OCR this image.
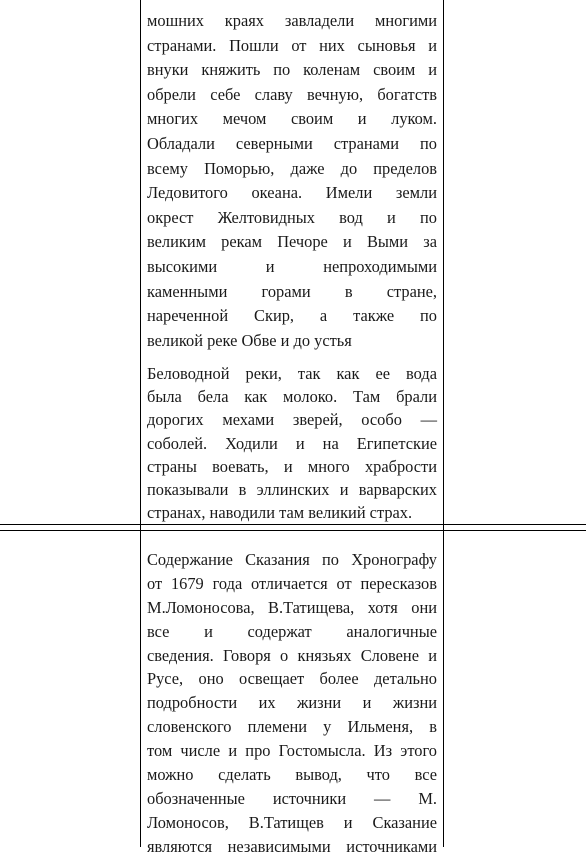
мошних краях завладели многими
странами. Пошли от них сыновья и
внуки княжить по коленам своим и
обрели себе славу вечную, богатств
многих мечом своим и луком.
Обладали северными странами по
всему Поморью, даже до пределов
Ледовитого океана. Имели земли
окрест Желтовидных вод и по
великим рекам Печоре и Выми за
высокими и непроходимыми
каменными горами в стране,
нареченной Скир, а также по
великой реке Обве и до устья
Беловодной реки, так как ее вода
была бела как молоко. Там брали
дорогих мехами зверей, особо —
соболей. Ходили и на Египетские
страны воевать, и много храбрости
показывали в эллинских и варварских
странах, наводили там великий страх.
Содержание Сказания по Хронографу
от 1679 года отличается от пересказов
М.Ломоносова, В.Татищева, хотя они
все и содержат аналогичные
сведения. Говоря о князьях Словене и
Русе, оно освещает более детально
подробности их жизни и жизни
словенского племени у Ильменя, в
том числе и про Гостомысла. Из этого
можно сделать вывод, что все
обозначенные источники — М.
Ломоносов, В.Татищев и Сказание
являются независимыми источниками
